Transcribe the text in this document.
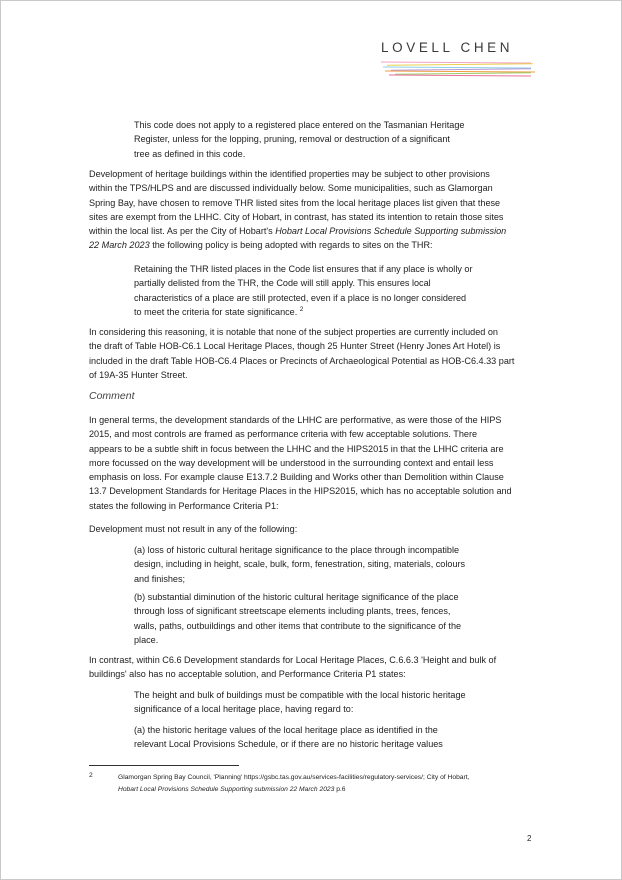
LOVELL CHEN
This code does not apply to a registered place entered on the Tasmanian Heritage
Register, unless for the lopping, pruning, removal or destruction of a significant
tree as defined in this code.
Development of heritage buildings within the identified properties may be subject to other provisions
within the TPS/HLPS and are discussed individually below. Some municipalities, such as Glamorgan
Spring Bay, have chosen to remove THR listed sites from the local heritage places list given that these
sites are exempt from the LHHC. City of Hobart, in contrast, has stated its intention to retain those sites
within the local list. As per the City of Hobart's Hobart Local Provisions Schedule Supporting submission
22 March 2023 the following policy is being adopted with regards to sites on the THR:
Retaining the THR listed places in the Code list ensures that if any place is wholly or
partially delisted from the THR, the Code will still apply. This ensures local
characteristics of a place are still protected, even if a place is no longer considered
to meet the criteria for state significance. $^2$
In considering this reasoning, it is notable that none of the subject properties are currently included on
the draft of Table HOB-C6.1 Local Heritage Places, though 25 Hunter Street (Henry Jones Art Hotel) is
included in the draft Table HOB-C6.4 Places or Precincts of Archaeological Potential as HOB-C6.4.33 part
of 19A-35 Hunter Street.
Comment
In general terms, the development standards of the LHHC are performative, as were those of the HIPS
2015, and most controls are framed as performance criteria with few acceptable solutions. There
appears to be a subtle shift in focus between the LHHC and the HIPS2015 in that the LHHC criteria are
more focussed on the way development will be understood in the surrounding context and entail less
emphasis on loss. For example clause E13.7.2 Building and Works other than Demolition within Clause
13.7 Development Standards for Heritage Places in the HIPS2015, which has no acceptable solution and
states the following in Performance Criteria P1:
Development must not result in any of the following:
(a) loss of historic cultural heritage significance to the place through incompatible
design, including in height, scale, bulk, form, fenestration, siting, materials, colours
and finishes;
(b) substantial diminution of the historic cultural heritage significance of the place
through loss of significant streetscape elements including plants, trees, fences,
walls, paths, outbuildings and other items that contribute to the significance of the
place.
In contrast, within C6.6 Development standards for Local Heritage Places, C.6.6.3 'Height and bulk of
buildings' also has no acceptable solution, and Performance Criteria P1 states:
The height and bulk of buildings must be compatible with the local historic heritage
significance of a local heritage place, having regard to:
(a) the historic heritage values of the local heritage place as identified in the
relevant Local Provisions Schedule, or if there are no historic heritage values
2	Glamorgan Spring Bay Council, 'Planning' https://gsbc.tas.gov.au/services-facilities/regulatory-services/; City of Hobart,
Hobart Local Provisions Schedule Supporting submission 22 March 2023 p.6
2
